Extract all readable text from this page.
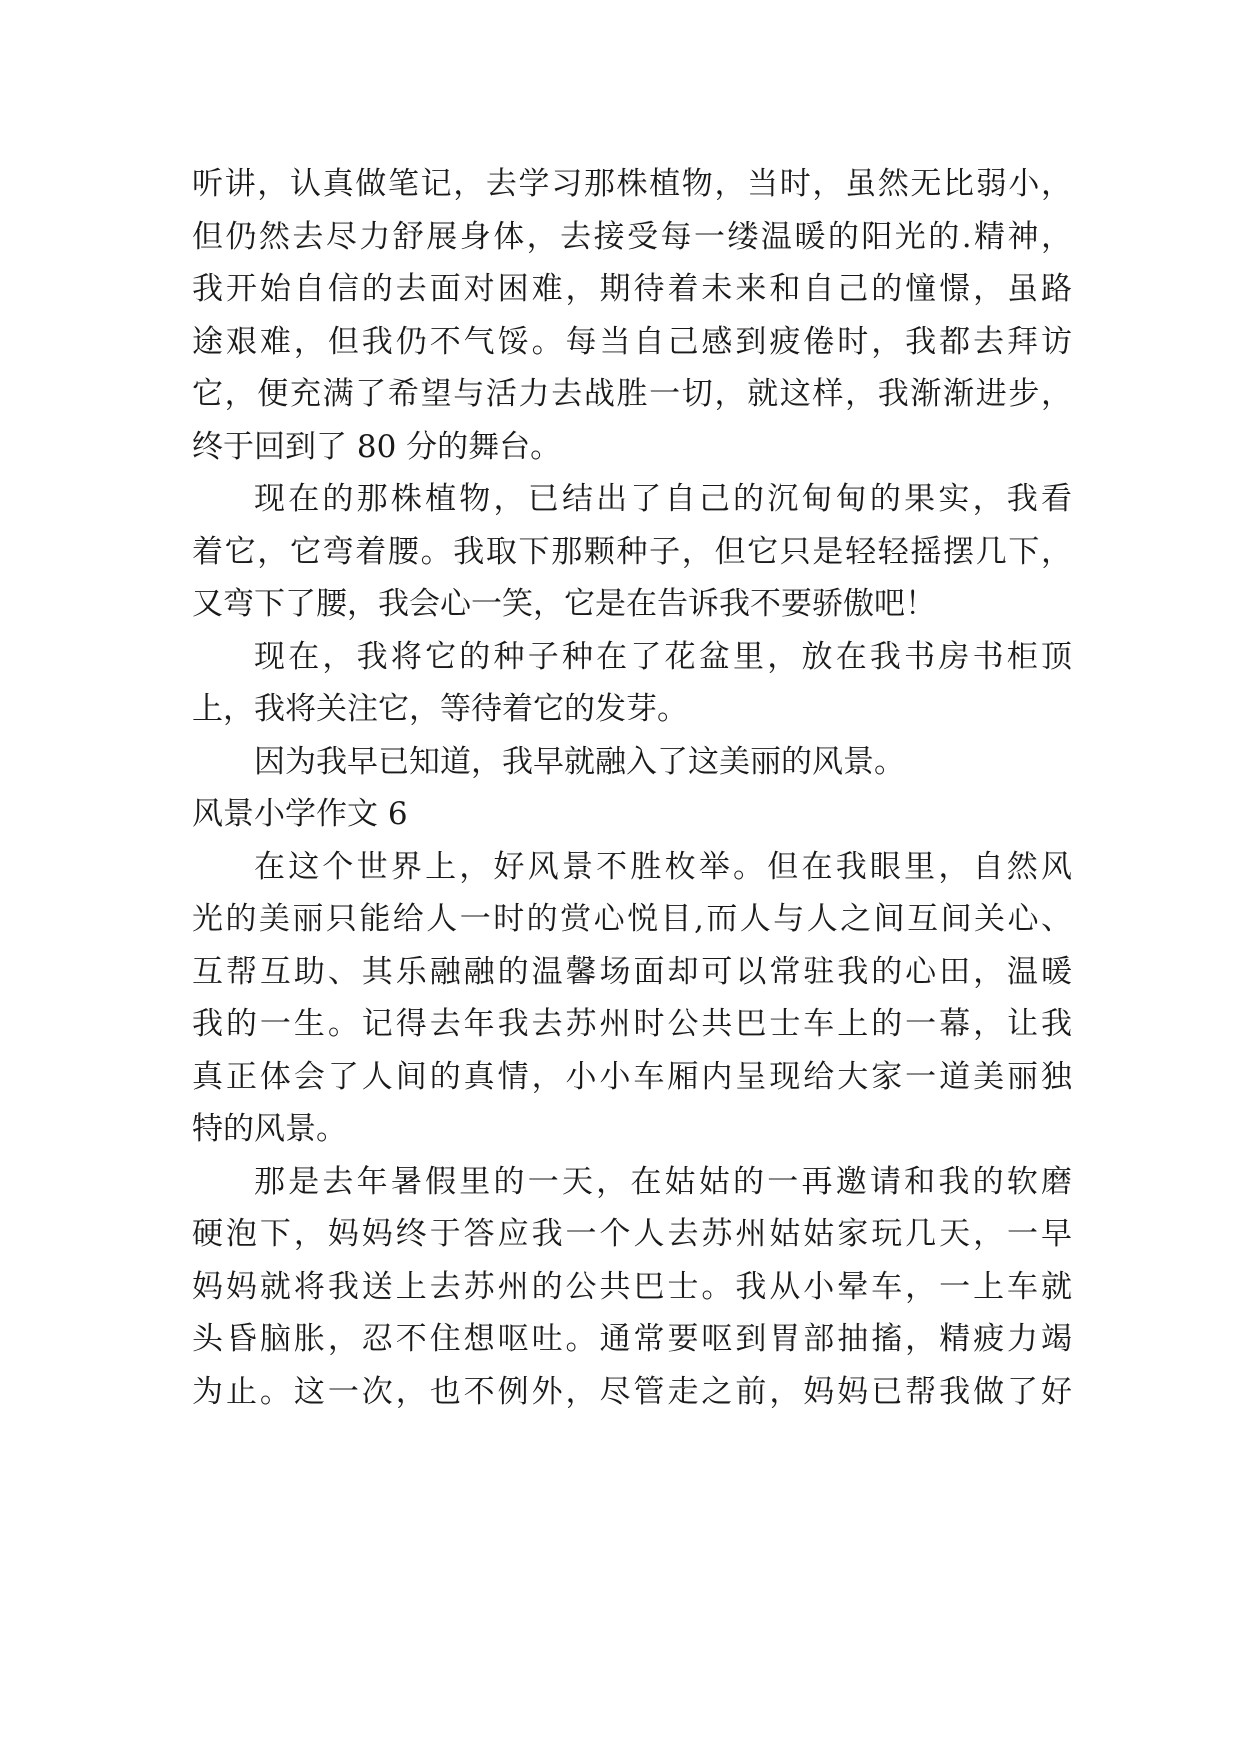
听讲，认真做笔记，去学习那株植物，当时，虽然无比弱小，

但仍然去尽力舒展身体，去接受每一缕温暖的阳光的.精神，

我开始自信的去面对困难，期待着未来和自己的憧憬，虽路

途艰难，但我仍不气馁。每当自己感到疲倦时，我都去拜访

它，便充满了希望与活力去战胜一切，就这样，我渐渐进步，

终于回到了 80 分的舞台。

现在的那株植物，已结出了自己的沉甸甸的果实，我看

着它，它弯着腰。我取下那颗种子，但它只是轻轻摇摆几下，

又弯下了腰，我会心一笑，它是在告诉我不要骄傲吧！

现在，我将它的种子种在了花盆里，放在我书房书柜顶

上，我将关注它，等待着它的发芽。

因为我早已知道，我早就融入了这美丽的风景。

风景小学作文 6

在这个世界上，好风景不胜枚举。但在我眼里，自然风

光的美丽只能给人一时的赏心悦目,而人与人之间互间关心、

互帮互助、其乐融融的温馨场面却可以常驻我的心田，温暖

我的一生。记得去年我去苏州时公共巴士车上的一幕，让我

真正体会了人间的真情，小小车厢内呈现给大家一道美丽独

特的风景。

那是去年暑假里的一天，在姑姑的一再邀请和我的软磨

硬泡下，妈妈终于答应我一个人去苏州姑姑家玩几天，一早

妈妈就将我送上去苏州的公共巴士。我从小晕车，一上车就

头昏脑胀，忍不住想呕吐。通常要呕到胃部抽搐，精疲力竭

为止。这一次，也不例外，尽管走之前，妈妈已帮我做了好
